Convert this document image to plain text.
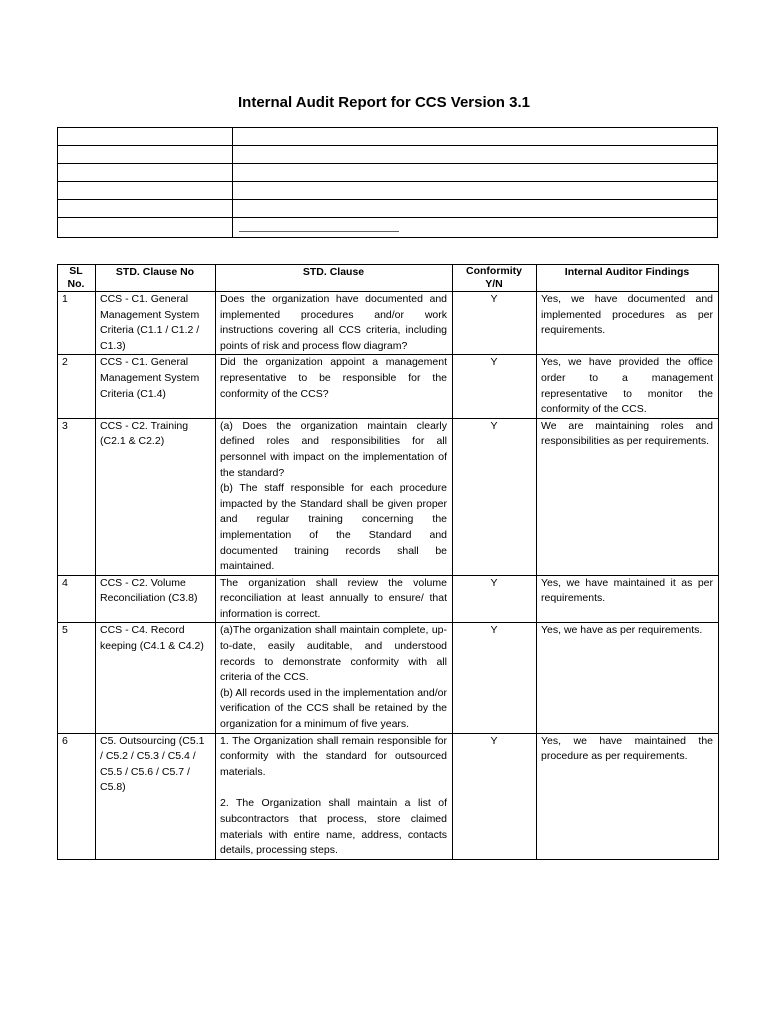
Internal Audit Report for CCS Version 3.1

SL No.	STD. Clause No	STD. Clause	Conformity Y/N	Internal Auditor Findings
1	CCS - C1. General Management System Criteria (C1.1 / C1.2 / C1.3)	Does the organization have documented and implemented procedures and/or work instructions covering all CCS criteria, including points of risk and process flow diagram?	Y	Yes, we have documented and implemented procedures as per requirements.
2	CCS - C1. General Management System Criteria (C1.4)	Did the organization appoint a management representative to be responsible for the conformity of the CCS?	Y	Yes, we have provided the office order to a management representative to monitor the conformity of the CCS.
3	CCS - C2. Training (C2.1 & C2.2)	(a) Does the organization maintain clearly defined roles and responsibilities for all personnel with impact on the implementation of the standard?
(b) The staff responsible for each procedure impacted by the Standard shall be given proper and regular training concerning the implementation of the Standard and documented training records shall be maintained.	Y	We are maintaining roles and responsibilities as per requirements.
4	CCS - C2. Volume Reconciliation (C3.8)	The organization shall review the volume reconciliation at least annually to ensure/ that information is correct.	Y	Yes, we have maintained it as per requirements.
5	CCS - C4. Record keeping (C4.1 & C4.2)	(a)The organization shall maintain complete, up-to-date, easily auditable, and understood records to demonstrate conformity with all criteria of the CCS.
(b) All records used in the implementation and/or verification of the CCS shall be retained by the organization for a minimum of five years.	Y	Yes, we have as per requirements.
6	C5. Outsourcing (C5.1 / C5.2 / C5.3 / C5.4 / C5.5 / C5.6 / C5.7 / C5.8)	1. The Organization shall remain responsible for conformity with the standard for outsourced materials.
2. The Organization shall maintain a list of subcontractors that process, store claimed materials with entire name, address, contacts details, processing steps.	Y	Yes, we have maintained the procedure as per requirements.
